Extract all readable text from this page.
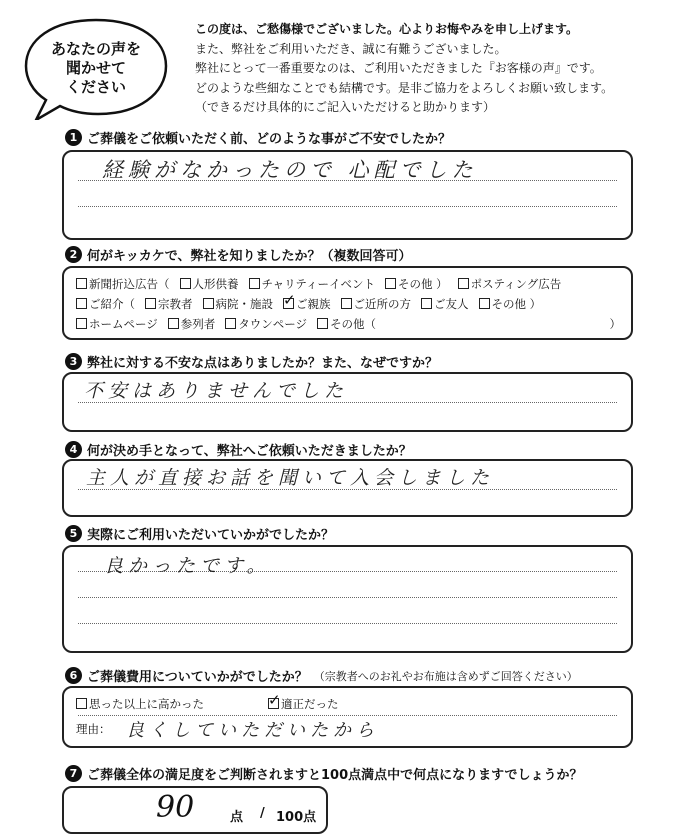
あなたの声を
聞かせて
ください
この度は、ご愁傷様でございました。心よりお悔やみを申し上げます。
また、弊社をご利用いただき、誠に有難うございました。
弊社にとって一番重要なのは、ご利用いただきました『お客様の声』です。
どのような些細なことでも結構です。是非ご協力をよろしくお願い致します。
（できるだけ具体的にご記入いただけると助かります）
1 ご葬儀をご依頼いただく前、どのような事がご不安でしたか？
経験がなかったので 心配でした
2 何がキッカケで、弊社を知りましたか？（複数回答可）
新聞折込広告（ 人形供養 チャリティーイベント その他 ） ポスティング広告
ご紹介（ 宗教者 病院・施設 ✓ ご親族 ご近所の方 ご友人 その他 ）
ホームページ 参列者 タウンページ その他（	）
3 弊社に対する不安な点はありましたか？また、なぜですか？
不安はありませんでした
4 何が決め手となって、弊社へご依頼いただきましたか？
主人が直接お話を聞いて入会しました
5 実際にご利用いただいていかがでしたか？
良かったです。
6 ご葬儀費用についていかがでしたか？ （宗教者へのお礼やお布施は含めずご回答ください）
思った以上に高かった ✓	適正だった
理由： 良くしていただいたから
7 ご葬儀全体の満足度をご判断されますと100点満点中で何点になりますでしょうか？
90	点 / 100点
